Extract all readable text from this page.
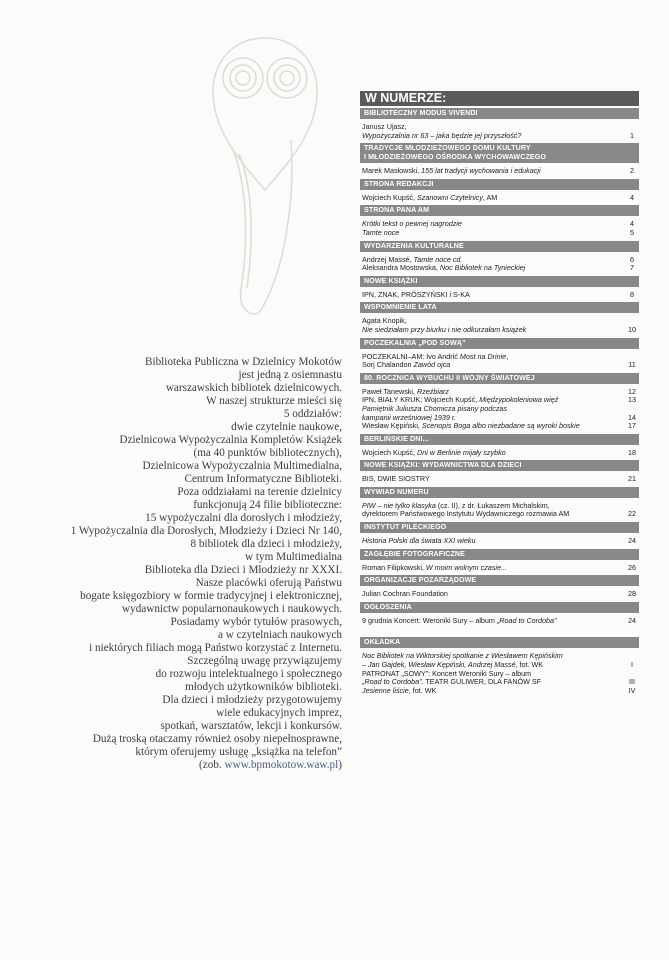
Biblioteka Publiczna w Dzielnicy Mokotów
jest jedną z osiemnastu
warszawskich bibliotek dzielnicowych.
W naszej strukturze mieści się
5 oddziałów:
dwie czytelnie naukowe,
Dzielnicowa Wypożyczalnia Kompletów Książek
(ma 40 punktów bibliotecznych),
Dzielnicowa Wypożyczalnia Multimedialna,
Centrum Informatyczne Biblioteki.
Poza oddziałami na terenie dzielnicy
funkcjonują 24 filie biblioteczne:
15 wypożyczalni dla dorosłych i młodzieży,
1 Wypożyczalnia dla Dorosłych, Młodzieży i Dzieci Nr 140,
8 bibliotek dla dzieci i młodzieży,
w tym Multimedialna
Biblioteka dla Dzieci i Młodzieży nr XXXI.
Nasze placówki oferują Państwu
bogate księgozbiory w formie tradycyjnej i elektronicznej,
wydawnictw popularnonaukowych i naukowych.
Posiadamy wybór tytułów prasowych,
a w czytelniach naukowych
i niektórych filiach mogą Państwo korzystać z Internetu.
Szczególną uwagę przywiązujemy
do rozwoju intelektualnego i społecznego
młodych użytkowników biblioteki.
Dla dzieci i młodzieży przygotowujemy
wiele edukacyjnych imprez,
spotkań, warsztatów, lekcji i konkursów.
Dużą troską otaczamy również osoby niepełnosprawne,
którym oferujemy usługę „książka na telefon”
(zob. www.bpmokotow.waw.pl)
W NUMERZE:
BIBLIOTECZNY MODUS VIVENDI
Janusz Ujasz,
Wypożyczalnia nr 63 – jaka będzie jej przyszłość?	1
TRADYCJE MŁODZIEŻOWEGO DOMU KULTURY
I MŁODZIEŻOWEGO OŚRODKA WYCHOWAWCZEGO
Marek Masłowski, 155 lat tradycji wychowania i edukacji	2
STRONA REDAKCJI
Wojciech Kupść, Szanowni Czytelnicy, AM	4
STRONA PANA AM
Krótki tekst o pewnej nagrodzie	4
Tamte noce	5
WYDARZENIA KULTURALNE
Andrzej Massé, Tamte noce cd.	6
Aleksandra Mostowska, Noc Bibliotek na Tynieckiej	7
NOWE KSIĄŻKI
IPN, ZNAK, PRÓSZYŃSKI i S-KA	8
WSPOMNIENIE LATA
Agata Knopik,
Nie siedziałam przy biurku i nie odkurzałam książek	10
POCZEKALNIA „POD SOWĄ”
POCZEKALNI–AM: Ivo Andrić Most na Drinie,
Sorj Chalandon Zawód ojca	11
80. ROCZNICA WYBUCHU II WOJNY ŚWIATOWEJ
Paweł Tanewski, Rzeźbiarz	12
IPN, BIAŁY KRUK; Wojciech Kupść, Międzypokoleniowa więź	13
Pamiętnik Juliusza Chomicza pisany podczas
kampanii wrześniowej 1939 r.	14
Wiesław Kępiński, Scenopis Boga albo niezbadane są wyroki boskie	17
BERLIŃSKIE DNI...
Wojciech Kupść, Dni w Berlinie mijały szybko	18
NOWE KSIĄŻKI: WYDAWNICTWA DLA DZIECI
BIS, DWIE SIOSTRY	21
WYWIAD NUMERU
PIW – nie tylko klasyka (cz. II), z dr. Łukaszem Michalskim,
dyrektorem Państwowego Instytutu Wydawniczego rozmawia AM	22
INSTYTUT PILECKIEGO
Historia Polski dla świata XXI wieku	24
ZAGŁĘBIE FOTOGRAFICZNE
Roman Filipkowski, W moim wolnym czasie...	26
ORGANIZACJE POZARZĄDOWE
Julian Cochran Foundation	28
OGŁOSZENIA
9 grudnia Koncert: Weroniki Sury – album „Road to Cordoba”	24
OKŁADKA
Noc Bibliotek na Wiktorskiej spotkanie z Wiesławem Kępińskim
– Jan Gajdek, Wiesław Kępiński, Andrzej Massé, fot. WK	I
PATRONAT „SOWY”: Koncert Weroniki Sury – album
„Road to Cordoba”. TEATR GULIWER, DLA FANÓW SF	III
Jesienne liście, fot. WK	IV
